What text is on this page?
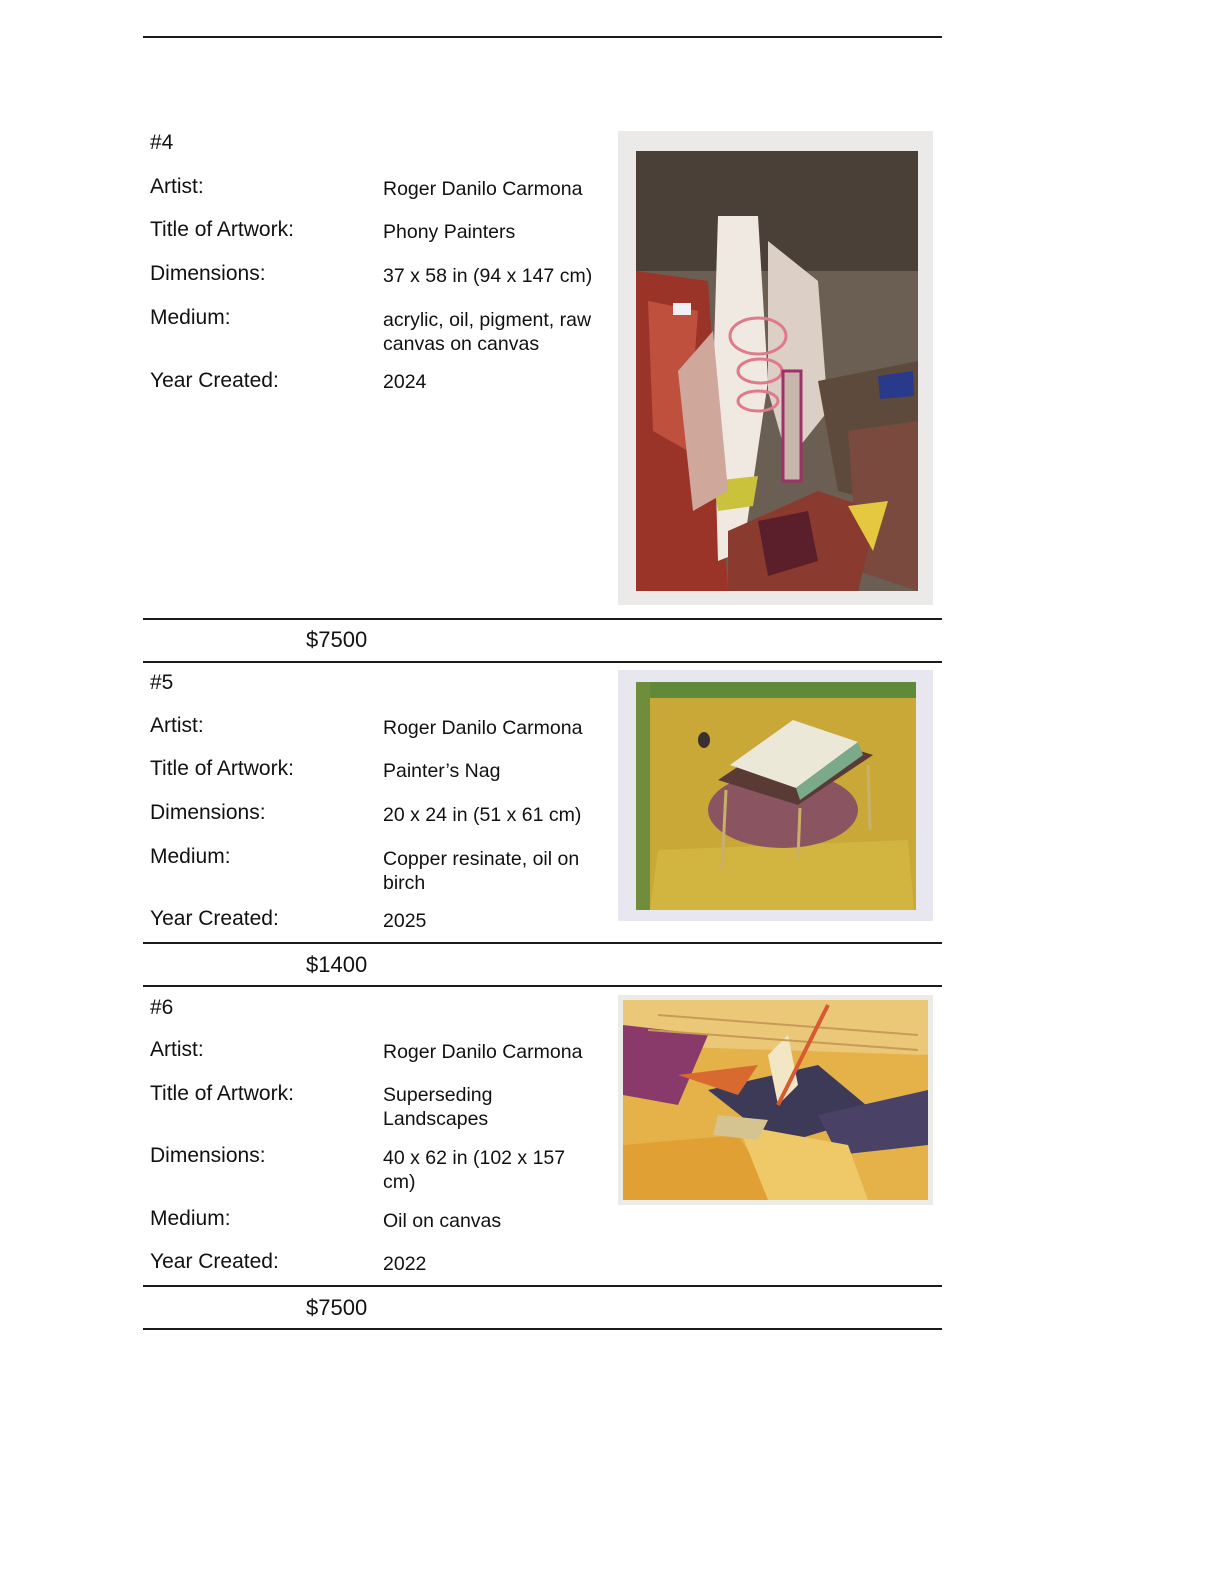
#4
Artist:	Roger Danilo Carmona
Title of Artwork:	Phony Painters
Dimensions:	37 x 58 in (94 x 147 cm)
Medium:	acrylic, oil, pigment, raw canvas on canvas
Year Created:	2024
$7500
#5
Artist:	Roger Danilo Carmona
Title of Artwork:	Painter’s Nag
Dimensions:	20 x 24 in (51 x 61 cm)
Medium:	Copper resinate, oil on birch
Year Created:	2025
$1400
#6
Artist:	Roger Danilo Carmona
Title of Artwork:	Superseding Landscapes
Dimensions:	40 x 62 in (102 x 157 cm)
Medium:	Oil on canvas
Year Created:	2022
$7500
